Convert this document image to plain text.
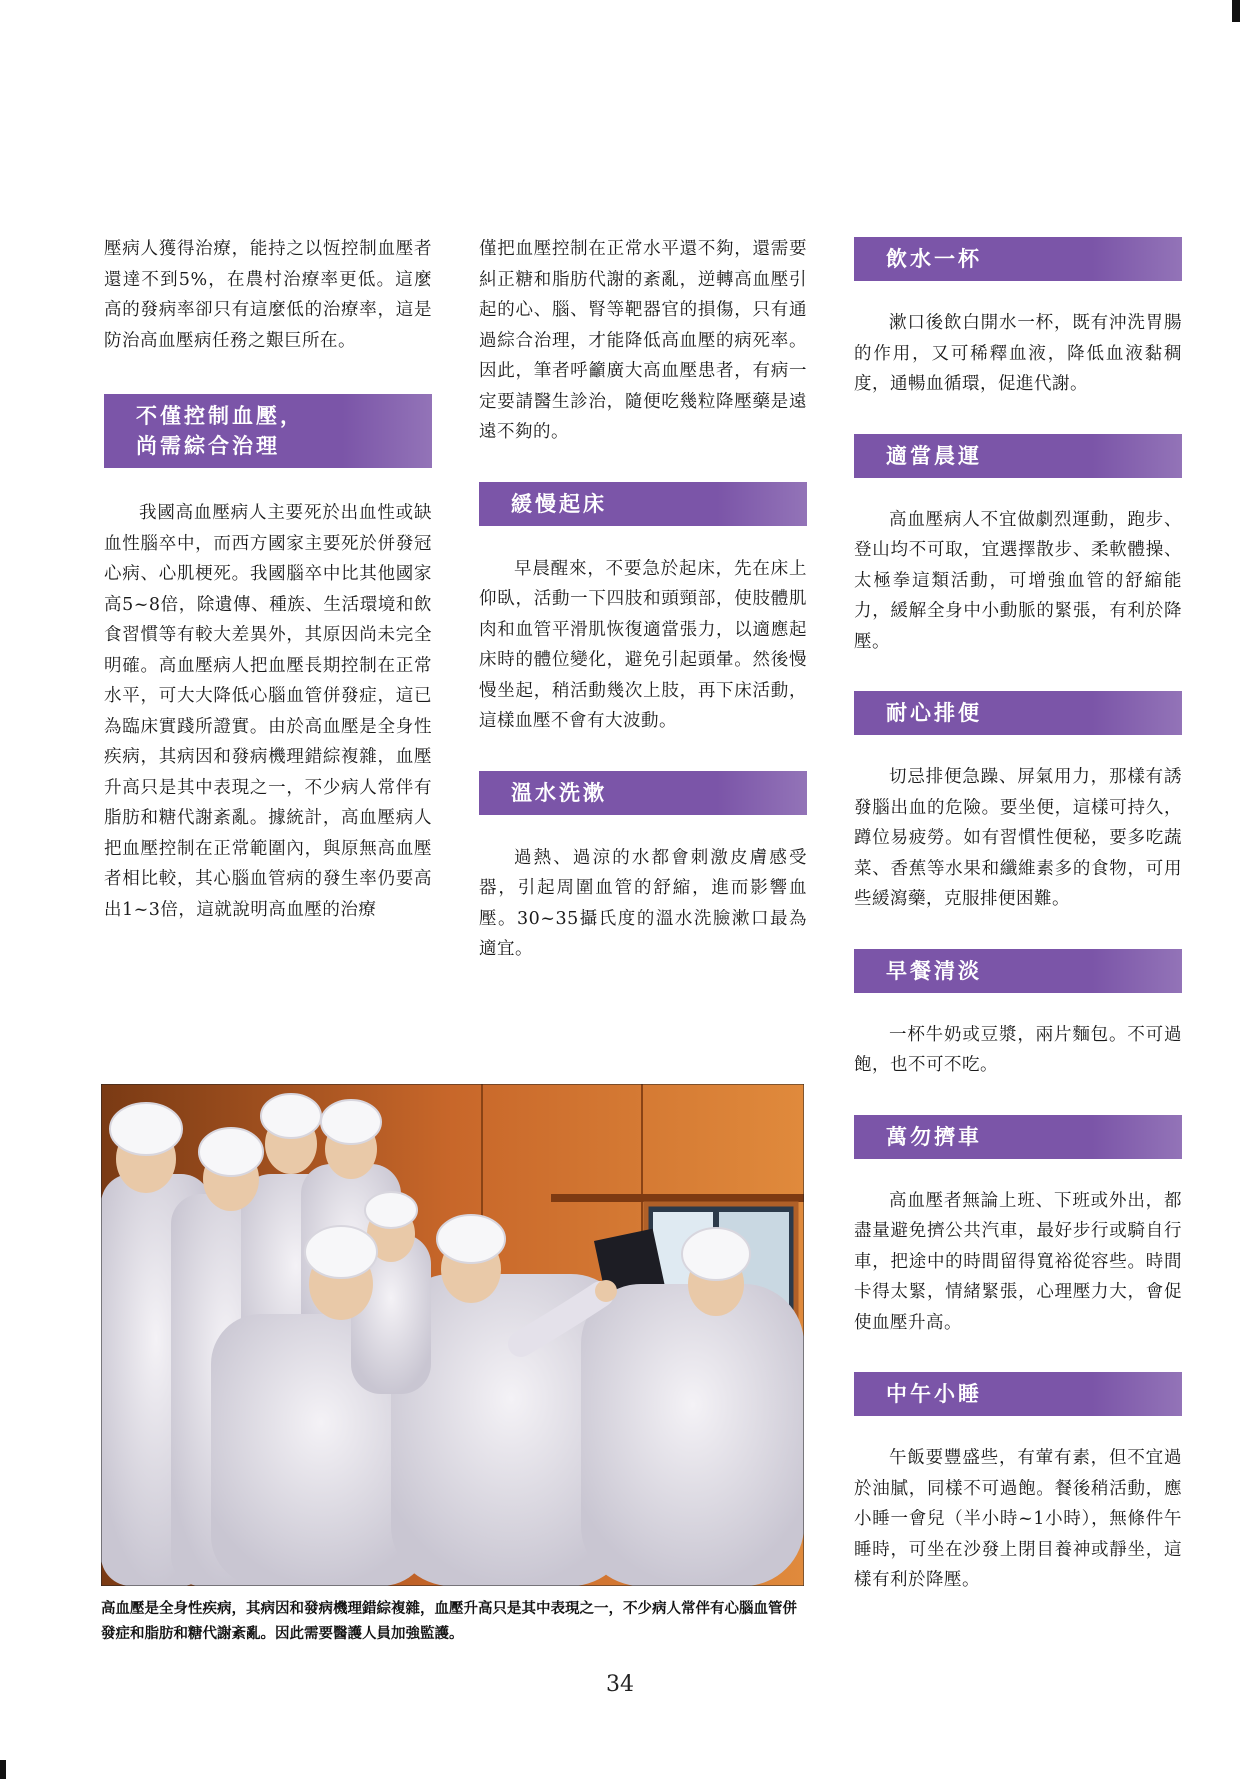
壓病人獲得治療，能持之以恆控制血壓者還達不到5%，在農村治療率更低。這麼高的發病率卻只有這麼低的治療率，這是防治高血壓病任務之艱巨所在。

不僅控制血壓，
尚需綜合治理

我國高血壓病人主要死於出血性或缺血性腦卒中，而西方國家主要死於併發冠心病、心肌梗死。我國腦卒中比其他國家高5~8倍，除遺傳、種族、生活環境和飲食習慣等有較大差異外，其原因尚未完全明確。高血壓病人把血壓長期控制在正常水平，可大大降低心腦血管併發症，這已為臨床實踐所證實。由於高血壓是全身性疾病，其病因和發病機理錯綜複雜，血壓升高只是其中表現之一，不少病人常伴有脂肪和糖代謝紊亂。據統計，高血壓病人把血壓控制在正常範圍內，與原無高血壓者相比較，其心腦血管病的發生率仍要高出1~3倍，這就說明高血壓的治療

僅把血壓控制在正常水平還不夠，還需要糾正糖和脂肪代謝的紊亂，逆轉高血壓引起的心、腦、腎等靶器官的損傷，只有通過綜合治理，才能降低高血壓的病死率。因此，筆者呼籲廣大高血壓患者，有病一定要請醫生診治，隨便吃幾粒降壓藥是遠遠不夠的。

緩慢起床

早晨醒來，不要急於起床，先在床上仰臥，活動一下四肢和頭頸部，使肢體肌肉和血管平滑肌恢復適當張力，以適應起床時的體位變化，避免引起頭暈。然後慢慢坐起，稍活動幾次上肢，再下床活動，這樣血壓不會有大波動。

溫水洗漱

過熱、過涼的水都會刺激皮膚感受器，引起周圍血管的舒縮，進而影響血壓。30~35攝氏度的溫水洗臉漱口最為適宜。

飲水一杯

漱口後飲白開水一杯，既有沖洗胃腸的作用，又可稀釋血液，降低血液黏稠度，通暢血循環，促進代謝。

適當晨運

高血壓病人不宜做劇烈運動，跑步、登山均不可取，宜選擇散步、柔軟體操、太極拳這類活動，可增強血管的舒縮能力，緩解全身中小動脈的緊張，有利於降壓。

耐心排便

切忌排便急躁、屏氣用力，那樣有誘發腦出血的危險。要坐便，這樣可持久，蹲位易疲勞。如有習慣性便秘，要多吃蔬菜、香蕉等水果和纖維素多的食物，可用些緩瀉藥，克服排便困難。

早餐清淡

一杯牛奶或豆漿，兩片麵包。不可過飽，也不可不吃。

萬勿擠車

高血壓者無論上班、下班或外出，都盡量避免擠公共汽車，最好步行或騎自行車，把途中的時間留得寬裕從容些。時間卡得太緊，情緒緊張，心理壓力大，會促使血壓升高。

中午小睡

午飯要豐盛些，有葷有素，但不宜過於油膩，同樣不可過飽。餐後稍活動，應小睡一會兒（半小時~1小時），無條件午睡時，可坐在沙發上閉目養神或靜坐，這樣有利於降壓。

高血壓是全身性疾病，其病因和發病機理錯綜複雜，血壓升高只是其中表現之一，不少病人常伴有心腦血管併發症和脂肪和糖代謝紊亂。因此需要醫護人員加強監護。
34
